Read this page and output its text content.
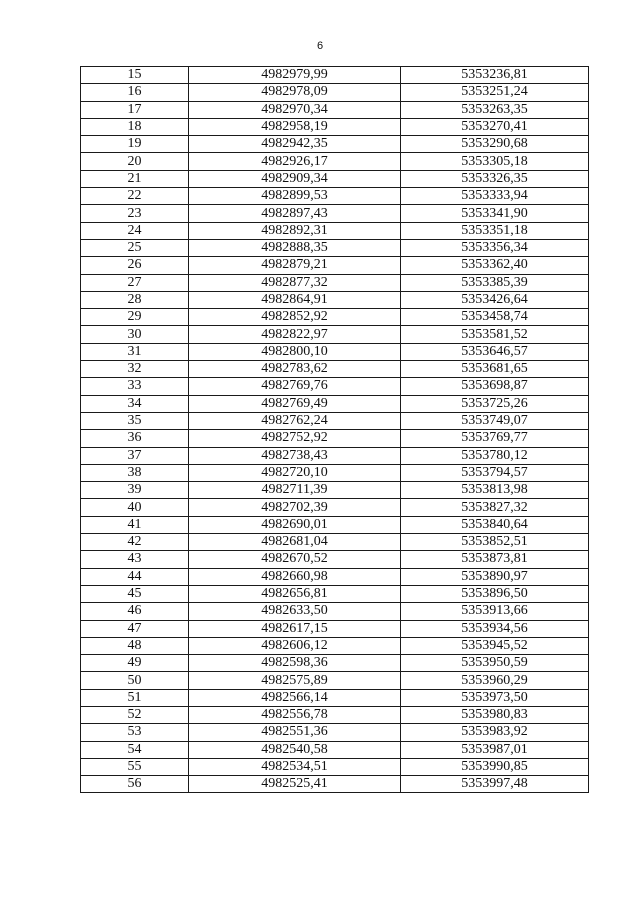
6
15	4982979,99	5353236,81
16	4982978,09	5353251,24
17	4982970,34	5353263,35
18	4982958,19	5353270,41
19	4982942,35	5353290,68
20	4982926,17	5353305,18
21	4982909,34	5353326,35
22	4982899,53	5353333,94
23	4982897,43	5353341,90
24	4982892,31	5353351,18
25	4982888,35	5353356,34
26	4982879,21	5353362,40
27	4982877,32	5353385,39
28	4982864,91	5353426,64
29	4982852,92	5353458,74
30	4982822,97	5353581,52
31	4982800,10	5353646,57
32	4982783,62	5353681,65
33	4982769,76	5353698,87
34	4982769,49	5353725,26
35	4982762,24	5353749,07
36	4982752,92	5353769,77
37	4982738,43	5353780,12
38	4982720,10	5353794,57
39	4982711,39	5353813,98
40	4982702,39	5353827,32
41	4982690,01	5353840,64
42	4982681,04	5353852,51
43	4982670,52	5353873,81
44	4982660,98	5353890,97
45	4982656,81	5353896,50
46	4982633,50	5353913,66
47	4982617,15	5353934,56
48	4982606,12	5353945,52
49	4982598,36	5353950,59
50	4982575,89	5353960,29
51	4982566,14	5353973,50
52	4982556,78	5353980,83
53	4982551,36	5353983,92
54	4982540,58	5353987,01
55	4982534,51	5353990,85
56	4982525,41	5353997,48
